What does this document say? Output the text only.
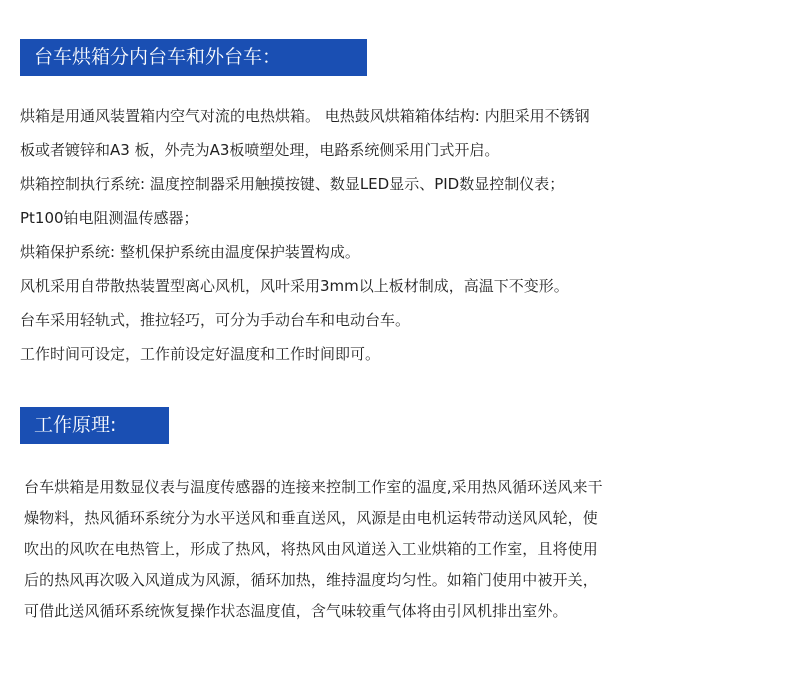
台车烘箱分内台车和外台车：
烘箱是用通风装置箱内空气对流的电热烘箱。 电热鼓风烘箱箱体结构: 内胆采用不锈钢
板或者镀锌和A3 板，外壳为A3板喷塑处理，电路系统侧采用门式开启。
烘箱控制执行系统: 温度控制器采用触摸按键、数显LED显示、PID数显控制仪表；
Pt100铂电阻测温传感器；
烘箱保护系统: 整机保护系统由温度保护装置构成。
风机采用自带散热装置型离心风机，风叶采用3mm以上板材制成，高温下不变形。
台车采用轻轨式，推拉轻巧，可分为手动台车和电动台车。
工作时间可设定，工作前设定好温度和工作时间即可。
工作原理:
台车烘箱是用数显仪表与温度传感器的连接来控制工作室的温度,采用热风循环送风来干
燥物料，热风循环系统分为水平送风和垂直送风，风源是由电机运转带动送风风轮，使
吹出的风吹在电热管上，形成了热风，将热风由风道送入工业烘箱的工作室，且将使用
后的热风再次吸入风道成为风源，循环加热，维持温度均匀性。如箱门使用中被开关，
可借此送风循环系统恢复操作状态温度值，含气味较重气体将由引风机排出室外。
